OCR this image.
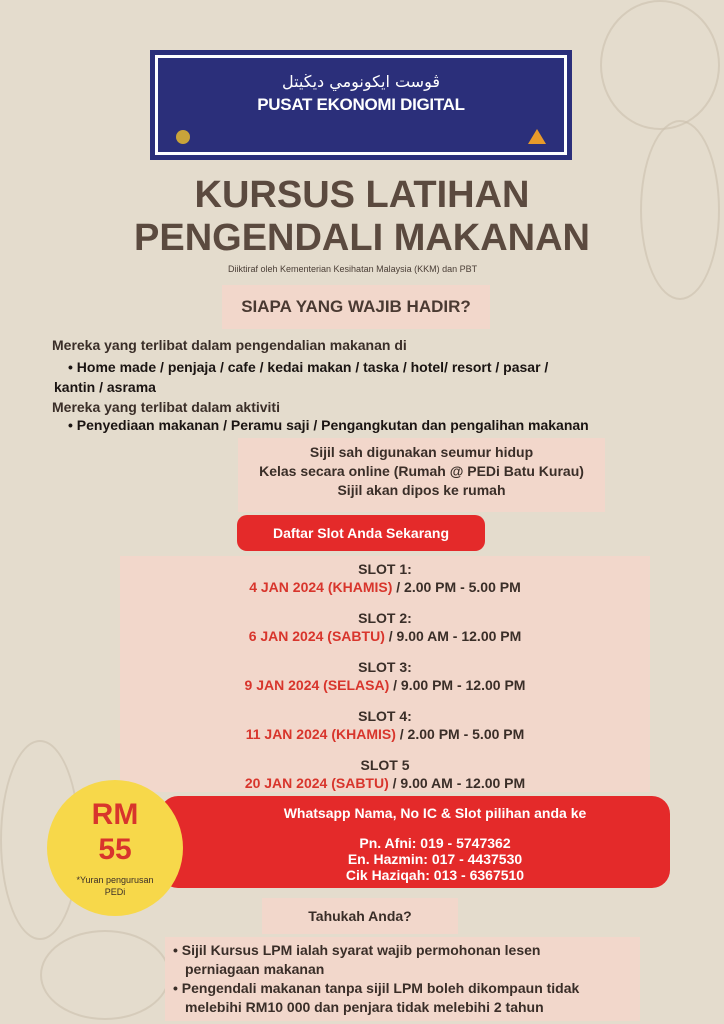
ڤوست ايكونومي ديڬيتل
PUSAT EKONOMI DIGITAL
KURSUS LATIHAN
PENGENDALI MAKANAN
Diiktiraf oleh Kementerian Kesihatan Malaysia (KKM) dan PBT
SIAPA YANG WAJIB HADIR?
Mereka yang terlibat dalam pengendalian makanan di
• Home made / penjaja / cafe / kedai makan / taska / hotel/ resort / pasar /
kantin / asrama
Mereka yang terlibat dalam aktiviti
• Penyediaan makanan / Peramu saji / Pengangkutan dan pengalihan makanan
Sijil sah digunakan seumur hidup
Kelas secara online (Rumah @ PEDi Batu Kurau)
Sijil akan dipos ke rumah
Daftar Slot Anda Sekarang
SLOT 1:
4 JAN 2024 (KHAMIS) / 2.00 PM - 5.00 PM
SLOT 2:
6 JAN 2024 (SABTU) / 9.00 AM - 12.00 PM
SLOT 3:
9 JAN 2024 (SELASA) / 9.00 PM - 12.00 PM
SLOT 4:
11 JAN 2024 (KHAMIS) / 2.00 PM - 5.00 PM
SLOT 5
20 JAN 2024 (SABTU) / 9.00 AM - 12.00 PM
Whatsapp Nama, No IC & Slot pilihan anda ke
Pn. Afni: 019 - 5747362
En. Hazmin: 017 - 4437530
Cik Haziqah: 013 - 6367510
RM
55
*Yuran pengurusan PEDi
Tahukah Anda?
• Sijil Kursus LPM ialah syarat wajib permohonan lesen
perniagaan makanan
• Pengendali makanan tanpa sijil LPM boleh dikompaun tidak
melebihi RM10 000 dan penjara tidak melebihi 2 tahun
